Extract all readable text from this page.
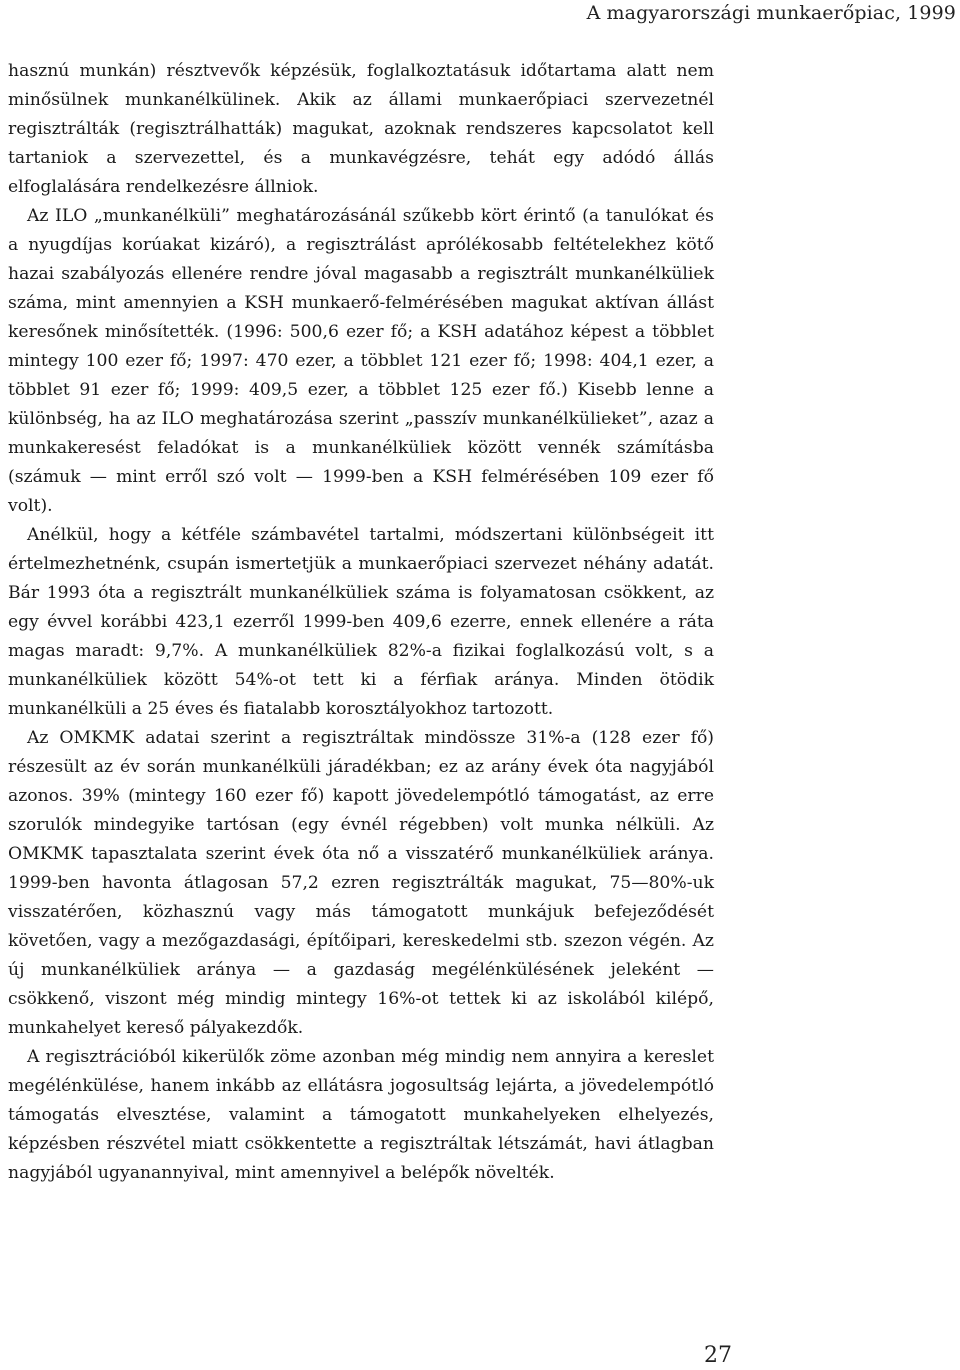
A magyarországi munkaerőpiac, 1999

hasznú munkán) résztvevők képzésük, foglalkoztatásuk időtartama alatt nem minősülnek munkanélkülinek. Akik az állami munkaerőpiaci szervezetnél regisztrálták (regisztrálhatták) magukat, azoknak rendszeres kapcsolatot kell tartaniok a szervezettel, és a munkavégzésre, tehát egy adódó állás elfoglalására rendelkezésre állniok.

Az ILO „munkanélküli” meghatározásánál szűkebb kört érintő (a tanulókat és a nyugdíjas korúakat kizáró), a regisztrálást aprólékosabb feltételekhez kötő hazai szabályozás ellenére rendre jóval magasabb a regisztrált munkanélküliek száma, mint amennyien a KSH munkaerő-felmérésében magukat aktívan állást keresőnek minősítették. (1996: 500,6 ezer fő; a KSH adatához képest a többlet mintegy 100 ezer fő; 1997: 470 ezer, a többlet 121 ezer fő; 1998: 404,1 ezer, a többlet 91 ezer fő; 1999: 409,5 ezer, a többlet 125 ezer fő.) Kisebb lenne a különbség, ha az ILO meghatározása szerint „passzív munkanélkülieket”, azaz a munkakeresést feladókat is a munkanélküliek között vennék számításba (számuk — mint erről szó volt — 1999-ben a KSH felmérésében 109 ezer fő volt).

Anélkül, hogy a kétféle számbavétel tartalmi, módszertani különbségeit itt értelmezhetnénk, csupán ismertetjük a munkaerőpiaci szervezet néhány adatát. Bár 1993 óta a regisztrált munkanélküliek száma is folyamatosan csökkent, az egy évvel korábbi 423,1 ezerről 1999-ben 409,6 ezerre, ennek ellenére a ráta magas maradt: 9,7%. A munkanélküliek 82%-a fizikai foglalkozású volt, s a munkanélküliek között 54%-ot tett ki a férfiak aránya. Minden ötödik munkanélküli a 25 éves és fiatalabb korosztályokhoz tartozott.

Az OMKMK adatai szerint a regisztráltak mindössze 31%-a (128 ezer fő) részesült az év során munkanélküli járadékban; ez az arány évek óta nagyjából azonos. 39% (mintegy 160 ezer fő) kapott jövedelempótló támogatást, az erre szorulók mindegyike tartósan (egy évnél régebben) volt munka nélküli. Az OMKMK tapasztalata szerint évek óta nő a visszatérő munkanélküliek aránya. 1999-ben havonta átlagosan 57,2 ezren regisztrálták magukat, 75—80%-uk visszatérően, közhasznú vagy más támogatott munkájuk befejeződését követően, vagy a mezőgazdasági, építőipari, kereskedelmi stb. szezon végén. Az új munkanélküliek aránya — a gazdaság megélénkülésének jeleként — csökkenő, viszont még mindig mintegy 16%-ot tettek ki az iskolából kilépő, munkahelyet kereső pályakezdők.

A regisztrációból kikerülők zöme azonban még mindig nem annyira a kereslet megélénkülése, hanem inkább az ellátásra jogosultság lejárta, a jövedelempótló támogatás elvesztése, valamint a támogatott munkahelyeken elhelyezés, képzésben részvétel miatt csökkentette a regisztráltak létszámát, havi átlagban nagyjából ugyanannyival, mint amennyivel a belépők növelték.

27
